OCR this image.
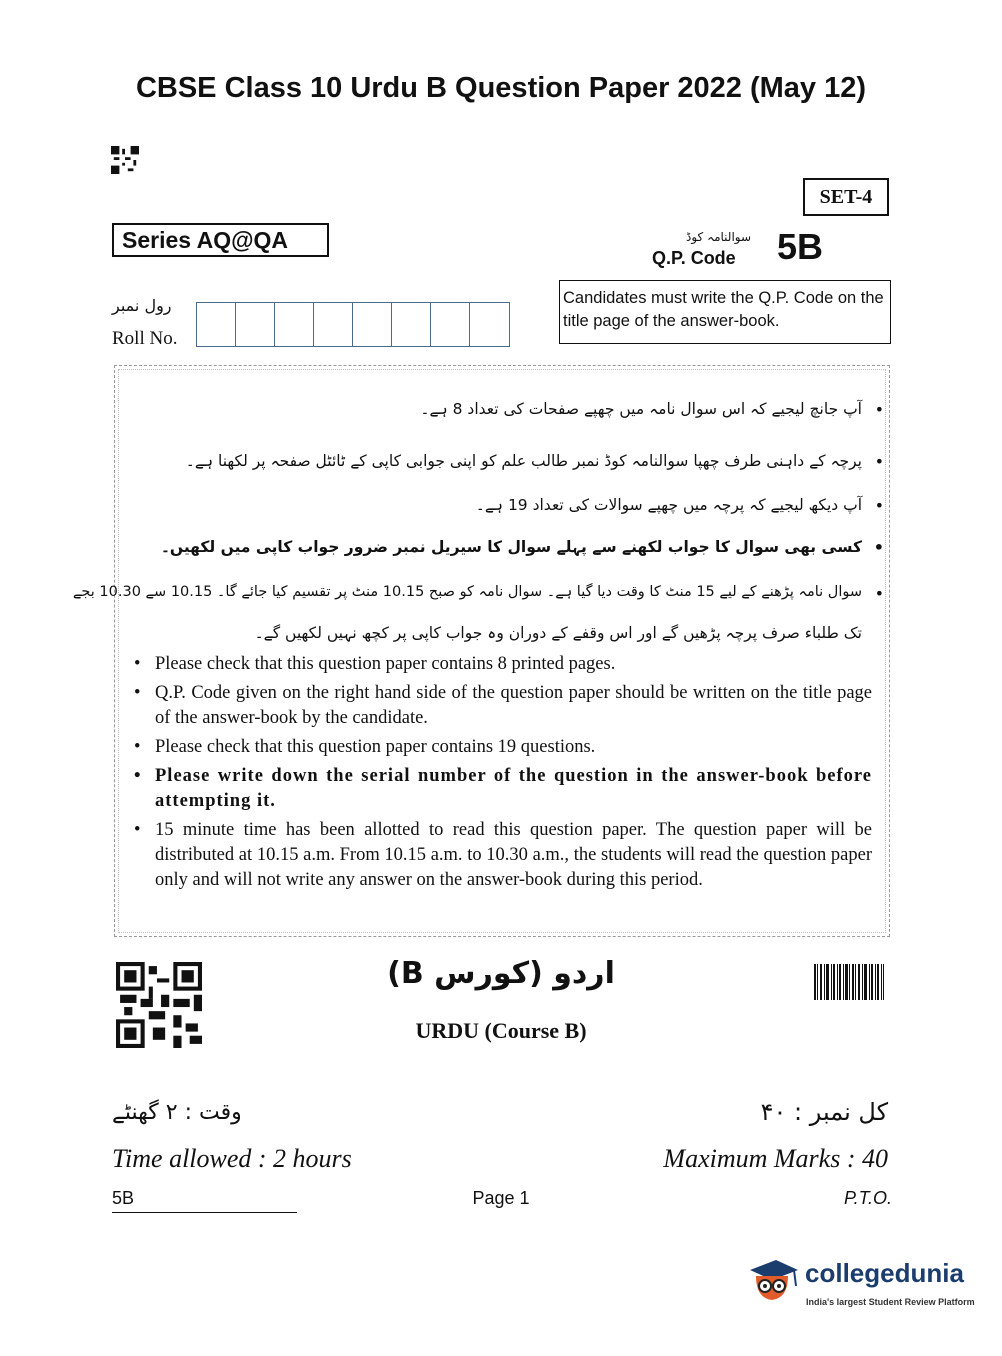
CBSE Class 10 Urdu B Question Paper 2022 (May 12)
SET-4
Series AQ@QA	سوالنامہ کوڈ
Q.P. Code 5B
رول نمبر
Roll No.
Candidates must write the Q.P. Code on the title page of the answer-book.
•
آپ جانچ لیجیے کہ اس سوال نامہ میں چھپے صفحات کی تعداد 8 ہے۔
•
پرچہ کے داہنی طرف چھپا سوالنامہ کوڈ نمبر طالب علم کو اپنی جوابی کاپی کے ٹائٹل صفحہ پر لکھنا ہے۔
•
آپ دیکھ لیجیے کہ پرچہ میں چھپے سوالات کی تعداد 19 ہے۔
•
کسی بھی سوال کا جواب لکھنے سے پہلے سوال کا سیریل نمبر ضرور جواب کاپی میں لکھیں۔
•
سوال نامہ پڑھنے کے لیے 15 منٹ کا وقت دیا گیا ہے۔ سوال نامہ کو صبح 10.15 منٹ پر تقسیم کیا جائے گا۔ 10.15 سے 10.30 بجے
تک طلباء صرف پرچہ پڑھیں گے اور اس وقفے کے دوران وہ جواب کاپی پر کچھ نہیں لکھیں گے۔
• Please check that this question paper contains 8 printed pages.
• Q.P. Code given on the right hand side of the question paper should be written on the title page of the answer-book by the candidate.
• Please check that this question paper contains 19 questions.
• Please write down the serial number of the question in the answer-book before attempting it.
• 15 minute time has been allotted to read this question paper. The question paper will be distributed at 10.15 a.m. From 10.15 a.m. to 10.30 a.m., the students will read the question paper only and will not write any answer on the answer-book during this period.
اردو (کورس B)
URDU (Course B)
وقت : ۲ گھنٹے	کل نمبر : ۴۰
Time allowed : 2 hours	Maximum Marks : 40
5B	Page 1	P.T.O.
collegedunia
India's largest Student Review Platform
